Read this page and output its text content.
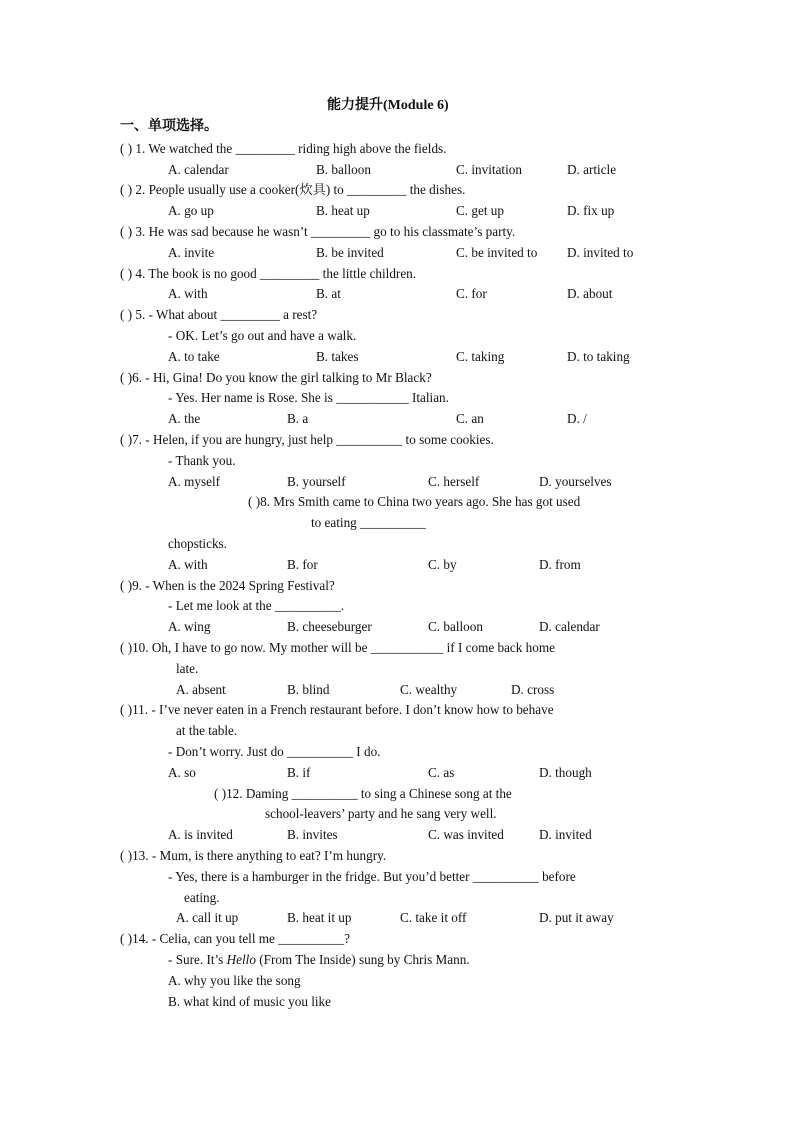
能力提升(Module 6)
一、单项选择。
( ) 1. We watched the _________ riding high above the fields.
A. calendar	B. balloon	C. invitation	D. article
( ) 2. People usually use a cooker(炊具) to _________ the dishes.
A. go up	B. heat up	C. get up	D. fix up
( ) 3. He was sad because he wasn’t _________ go to his classmate’s party.
A. invite	B. be invited	C. be invited to D. invited to
( ) 4. The book is no good _________ the little children.
A. with	B. at	C. for	D. about
( ) 5. - What about _________ a rest?
- OK. Let’s go out and have a walk.
A. to take	B. takes	C. taking	D. to taking
( )6. - Hi, Gina! Do you know the girl talking to Mr Black?
- Yes. Her name is Rose. She is ___________ Italian.
A. the	B. a	C. an	D. /
( )7. - Helen, if you are hungry, just help __________ to some cookies.
- Thank you.
A. myself	B. yourself	C. herself	D. yourselves
( )8. Mrs Smith came to China two years ago. She has got used
to eating __________
chopsticks.
A. with	B. for	C. by	D. from
( )9. - When is the 2024 Spring Festival?
- Let me look at the __________.
A. wing	B. cheeseburger	C. balloon	D. calendar
( )10. Oh, I have to go now. My mother will be ___________ if I come back home
late.
A. absent	B. blind	C. wealthy	D. cross
( )11. - I’ve never eaten in a French restaurant before. I don’t know how to behave
at the table.
- Don’t worry. Just do __________ I do.
A. so	B. if	C. as	D. though
( )12. Daming __________ to sing a Chinese song at the
school-leavers’ party and he sang very well.
A. is invited	B. invites	C. was invited	D. invited
( )13. - Mum, is there anything to eat? I’m hungry.
- Yes, there is a hamburger in the fridge. But you’d better __________ before
eating.
A. call it up	B. heat it up	C. take it off	D. put it away
( )14. - Celia, can you tell me __________?
- Sure. It’s Hello (From The Inside) sung by Chris Mann.
A. why you like the song
B. what kind of music you like
